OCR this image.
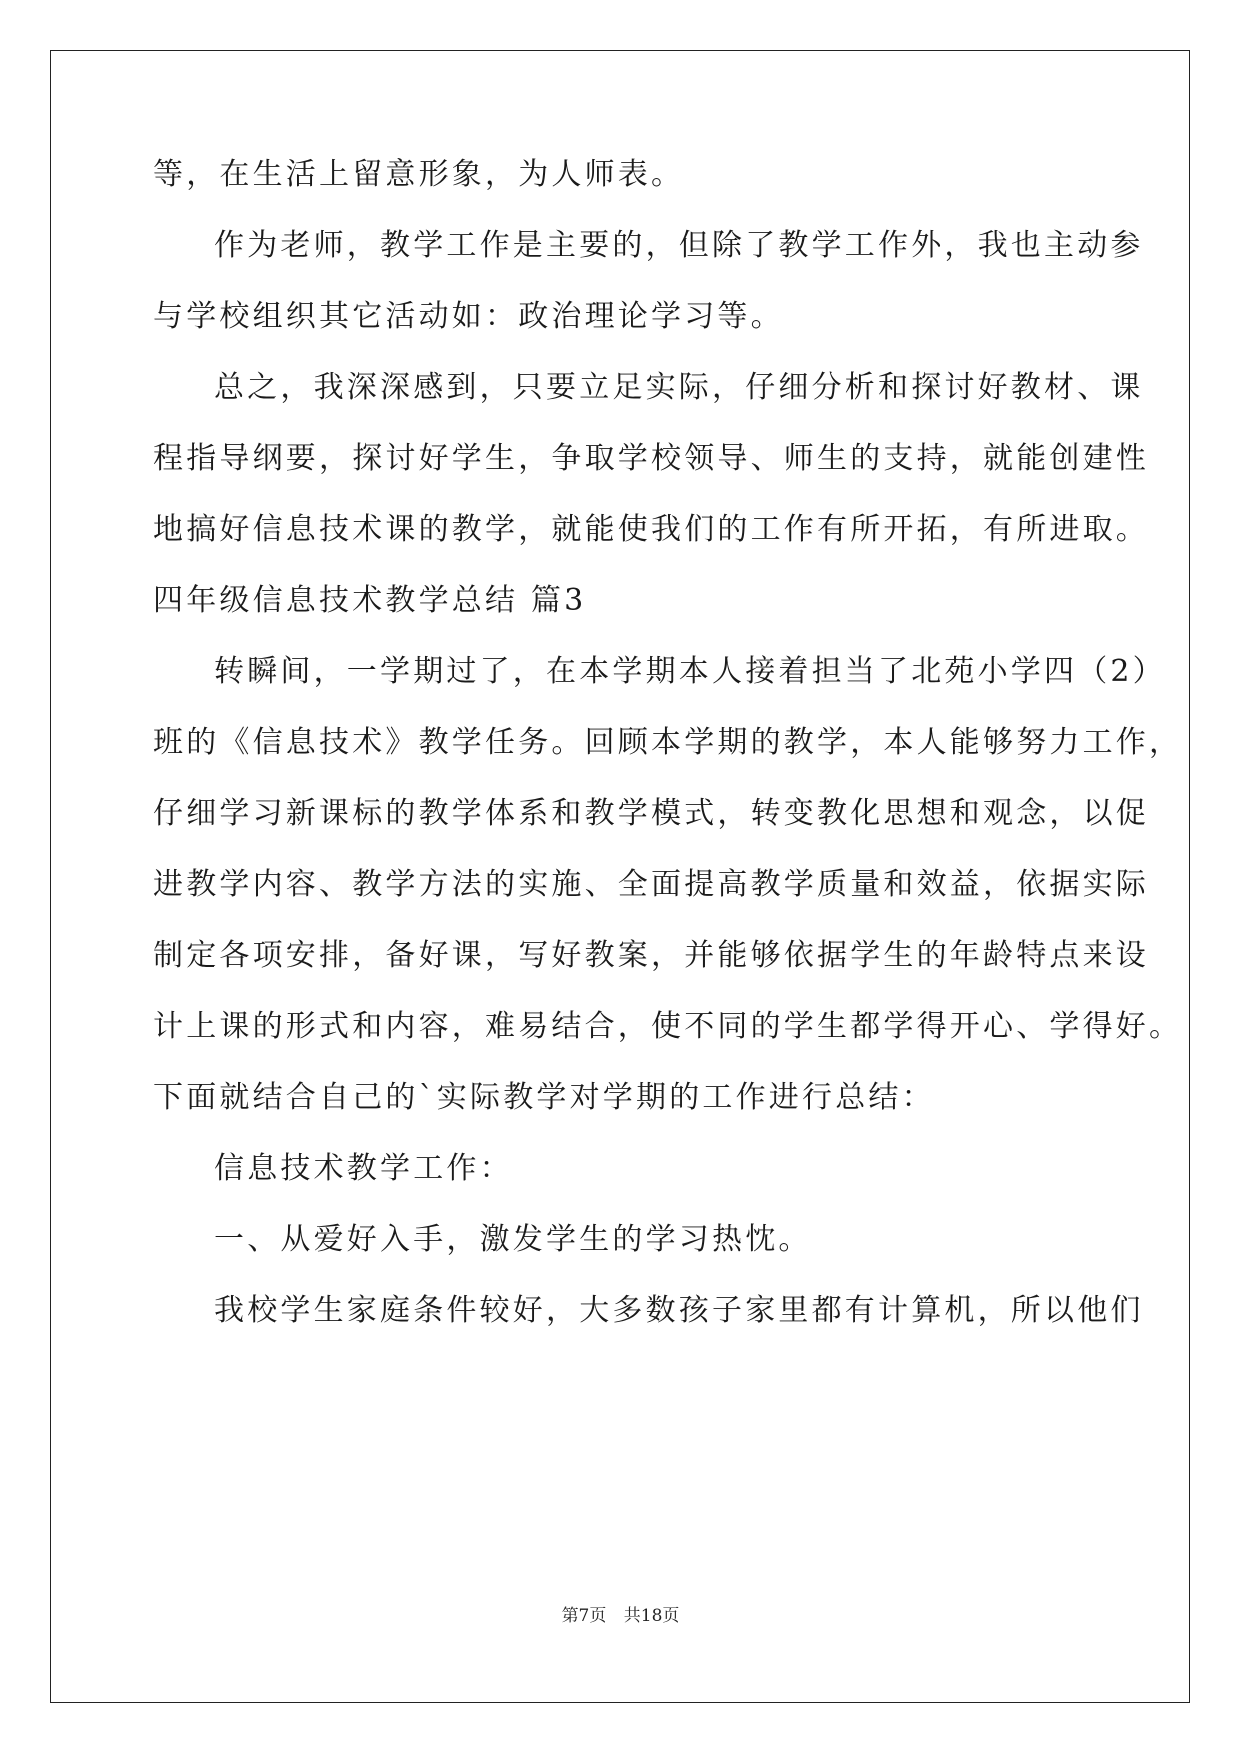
等，在生活上留意形象，为人师表。
作为老师，教学工作是主要的，但除了教学工作外，我也主动参
与学校组织其它活动如：政治理论学习等。
总之，我深深感到，只要立足实际，仔细分析和探讨好教材、课
程指导纲要，探讨好学生，争取学校领导、师生的支持，就能创建性
地搞好信息技术课的教学，就能使我们的工作有所开拓，有所进取。
四年级信息技术教学总结 篇3
转瞬间，一学期过了，在本学期本人接着担当了北苑小学四（2）
班的《信息技术》教学任务。回顾本学期的教学，本人能够努力工作，
仔细学习新课标的教学体系和教学模式，转变教化思想和观念，以促
进教学内容、教学方法的实施、全面提高教学质量和效益，依据实际
制定各项安排，备好课，写好教案，并能够依据学生的年龄特点来设
计上课的形式和内容，难易结合，使不同的学生都学得开心、学得好。
下面就结合自己的`实际教学对学期的工作进行总结：
信息技术教学工作：
一、从爱好入手，激发学生的学习热忱。
我校学生家庭条件较好，大多数孩子家里都有计算机，所以他们
第7页 共18页
